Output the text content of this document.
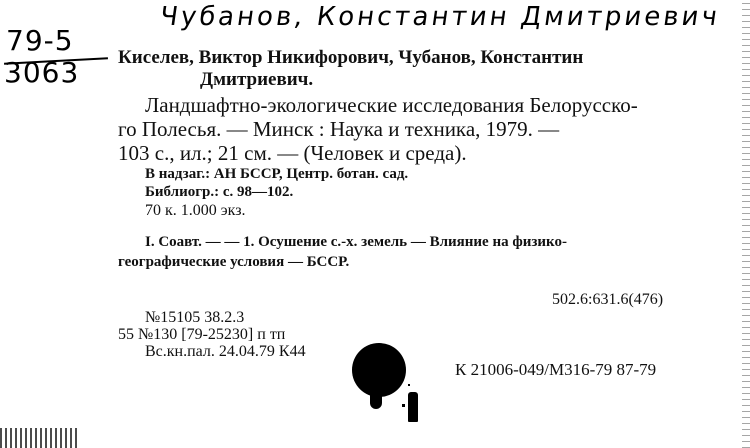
Чубанов, Константин Дмитриевич
79-5
3063 Киселев, Виктор Никифорович, Чубанов, Константин
Дмитриевич.
Ландшафтно-экологические исследования Белорусско-
го Полесья. — Минск : Наука и техника, 1979. —
103 с., ил.; 21 см. — (Человек и среда).
В надзаг.: АН БССР, Центр. ботан. сад.
Библиогр.: с. 98—102.
70 к. 1.000 экз.
I. Соавт. — — 1. Осушение с.-х. земель — Влияние на физико-
географические условия — БССР.
502.6:631.6(476)
№15105 38.2.3
55 №130 [79-25230] п тп
Вс.кн.пал. 24.04.79 К44
К 21006-049/М316-79 87-79
